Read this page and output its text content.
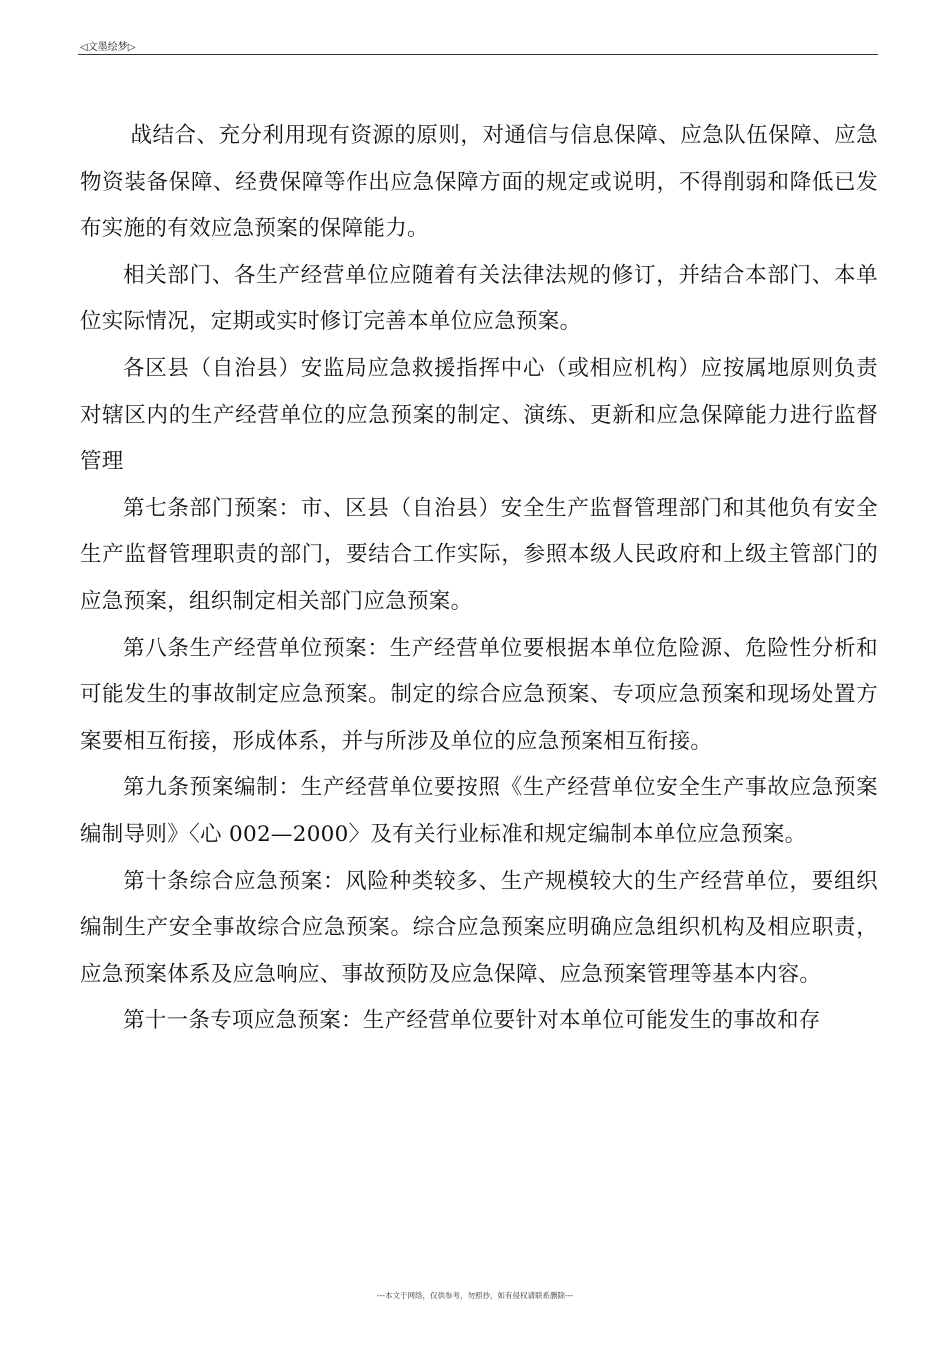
◁文墨绘梦▷

战结合、充分利用现有资源的原则，对通信与信息保障、应急队伍保障、应急物资装备保障、经费保障等作出应急保障方面的规定或说明，不得削弱和降低已发布实施的有效应急预案的保障能力。

相关部门、各生产经营单位应随着有关法律法规的修订，并结合本部门、本单位实际情况，定期或实时修订完善本单位应急预案。

各区县（自治县）安监局应急救援指挥中心（或相应机构）应按属地原则负责对辖区内的生产经营单位的应急预案的制定、演练、更新和应急保障能力进行监督管理

第七条部门预案：市、区县（自治县）安全生产监督管理部门和其他负有安全生产监督管理职责的部门，要结合工作实际，参照本级人民政府和上级主管部门的应急预案，组织制定相关部门应急预案。

第八条生产经营单位预案：生产经营单位要根据本单位危险源、危险性分析和可能发生的事故制定应急预案。制定的综合应急预案、专项应急预案和现场处置方案要相互衔接，形成体系，并与所涉及单位的应急预案相互衔接。

第九条预案编制：生产经营单位要按照《生产经营单位安全生产事故应急预案编制导则》〈心 002—2000〉及有关行业标准和规定编制本单位应急预案。

第十条综合应急预案：风险种类较多、生产规模较大的生产经营单位，要组织编制生产安全事故综合应急预案。综合应急预案应明确应急组织机构及相应职责，应急预案体系及应急响应、事故预防及应急保障、应急预案管理等基本内容。

第十一条专项应急预案：生产经营单位要针对本单位可能发生的事故和存

---本文于网络，仅供参考，勿照抄，如有侵权请联系删除---
